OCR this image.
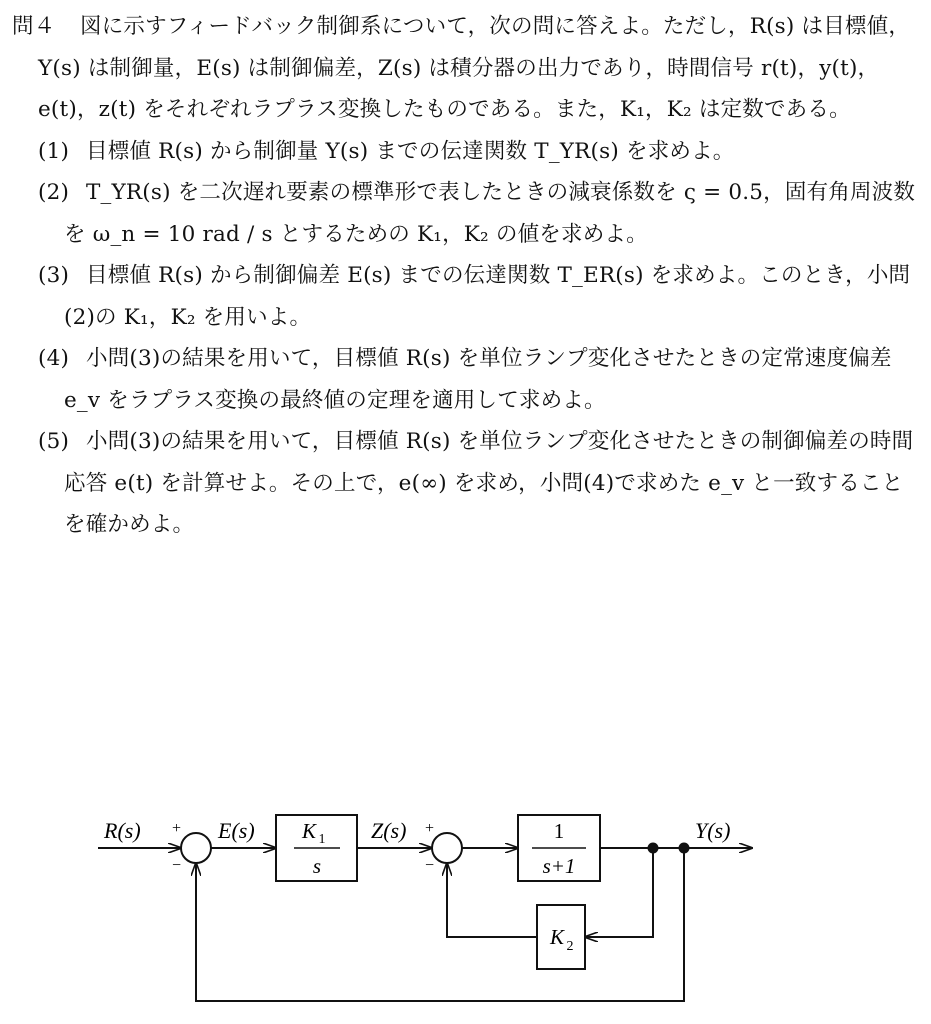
問４ 図に示すフィードバック制御系について，次の問に答えよ。ただし，R(s) は目標値，Y(s) は制御量，E(s) は制御偏差，Z(s) は積分器の出力であり，時間信号 r(t)，y(t)，e(t)，z(t) をそれぞれラプラス変換したものである。また，K₁，K₂ は定数である。

(1) 目標値 R(s) から制御量 Y(s) までの伝達関数 T_YR(s) を求めよ。

(2) T_YR(s) を二次遅れ要素の標準形で表したときの減衰係数を ς = 0.5，固有角周波数を ω_n = 10 rad / s とするための K₁，K₂ の値を求めよ。

(3) 目標値 R(s) から制御偏差 E(s) までの伝達関数 T_ER(s) を求めよ。このとき，小問(2)の K₁，K₂ を用いよ。

(4) 小問(3)の結果を用いて，目標値 R(s) を単位ランプ変化させたときの定常速度偏差 e_v をラプラス変換の最終値の定理を適用して求めよ。

(5) 小問(3)の結果を用いて，目標値 R(s) を単位ランプ変化させたときの制御偏差の時間応答 e(t) を計算せよ。その上で，e(∞) を求め，小問(4)で求めた e_v と一致することを確かめよ。

K 1
s
1
s+1
K 2
R(s)	E(s)	Z(s)	Y(s)
+
−
+
−
